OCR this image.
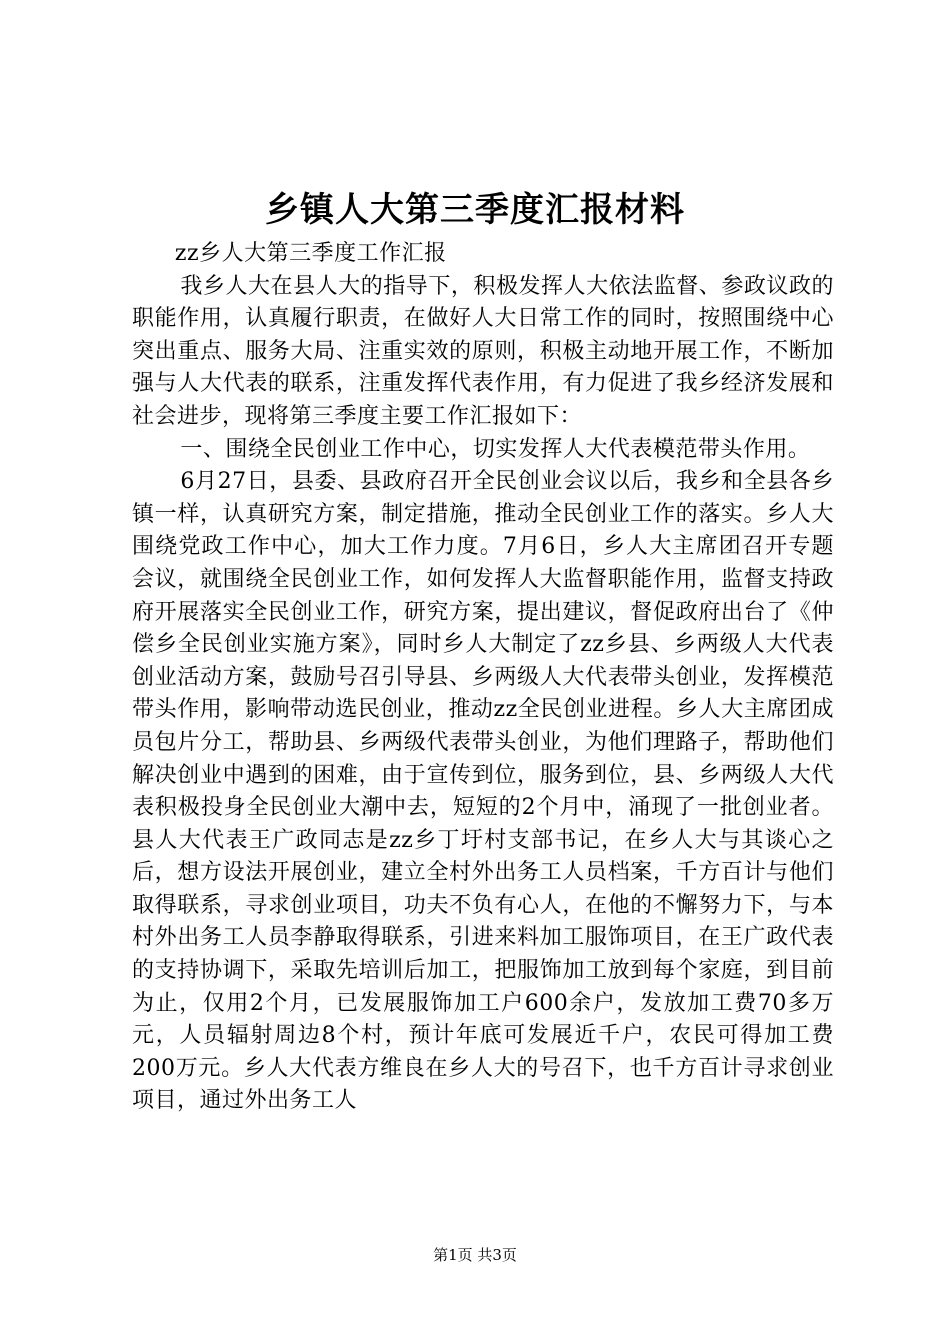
乡镇人大第三季度汇报材料

zz乡人大第三季度工作汇报

我乡人大在县人大的指导下，积极发挥人大依法监督、参政议政的职能作用，认真履行职责，在做好人大日常工作的同时，按照围绕中心突出重点、服务大局、注重实效的原则，积极主动地开展工作，不断加强与人大代表的联系，注重发挥代表作用，有力促进了我乡经济发展和社会进步，现将第三季度主要工作汇报如下：

一、围绕全民创业工作中心，切实发挥人大代表模范带头作用。

6月27日，县委、县政府召开全民创业会议以后，我乡和全县各乡镇一样，认真研究方案，制定措施，推动全民创业工作的落实。乡人大围绕党政工作中心，加大工作力度。7月6日，乡人大主席团召开专题会议，就围绕全民创业工作，如何发挥人大监督职能作用，监督支持政府开展落实全民创业工作，研究方案，提出建议，督促政府出台了《仲偿乡全民创业实施方案》，同时乡人大制定了zz乡县、乡两级人大代表创业活动方案，鼓励号召引导县、乡两级人大代表带头创业，发挥模范带头作用，影响带动选民创业，推动zz全民创业进程。乡人大主席团成员包片分工，帮助县、乡两级代表带头创业，为他们理路子，帮助他们解决创业中遇到的困难，由于宣传到位，服务到位，县、乡两级人大代表积极投身全民创业大潮中去，短短的2个月中，涌现了一批创业者。县人大代表王广政同志是zz乡丁圩村支部书记，在乡人大与其谈心之后，想方设法开展创业，建立全村外出务工人员档案，千方百计与他们取得联系，寻求创业项目，功夫不负有心人，在他的不懈努力下，与本村外出务工人员李静取得联系，引进来料加工服饰项目，在王广政代表的支持协调下，采取先培训后加工，把服饰加工放到每个家庭，到目前为止，仅用2个月，已发展服饰加工户600余户，发放加工费70多万元，人员辐射周边8个村，预计年底可发展近千户，农民可得加工费200万元。乡人大代表方维良在乡人大的号召下，也千方百计寻求创业项目，通过外出务工人

第1页 共3页
